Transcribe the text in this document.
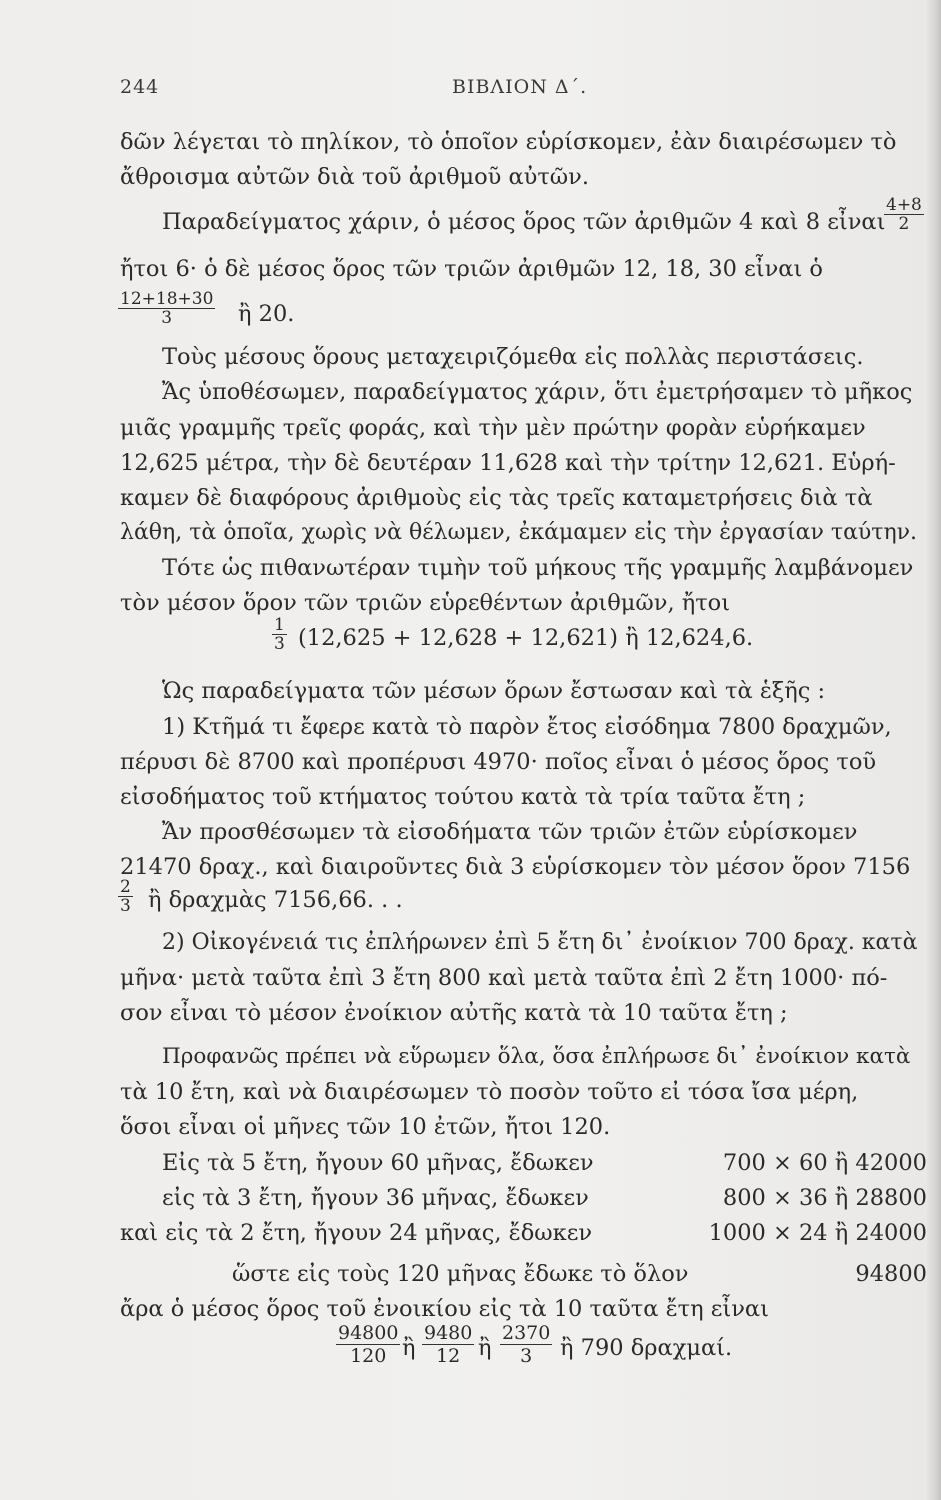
244	ΒΙΒΛΙΟΝ Δ΄.
δῶν λέγεται τὸ πηλίκον, τὸ ὁποῖον εὑρίσκομεν, ἐὰν διαιρέσωμεν τὸ
ἄθροισμα αὐτῶν διὰ τοῦ ἀριθμοῦ αὐτῶν.
Παραδείγματος χάριν, ὁ μέσος ὅρος τῶν ἀριθμῶν 4 καὶ 8 εἶναι
$\frac{4+8}{2}$
ἤτοι 6· ὁ δὲ μέσος ὅρος τῶν τριῶν ἀριθμῶν 12, 18, 30 εἶναι ὁ
$\frac{12+18+30}{3}$ ἢ 20.
Τοὺς μέσους ὅρους μεταχειριζόμεθα εἰς πολλὰς περιστάσεις.
Ἄς ὑποθέσωμεν, παραδείγματος χάριν, ὅτι ἐμετρήσαμεν τὸ μῆκος
μιᾶς γραμμῆς τρεῖς φοράς, καὶ τὴν μὲν πρώτην φορὰν εὑρήκαμεν
12,625 μέτρα, τὴν δὲ δευτέραν 11,628 καὶ τὴν τρίτην 12,621. Εὑρή-
καμεν δὲ διαφόρους ἀριθμοὺς εἰς τὰς τρεῖς καταμετρήσεις διὰ τὰ
λάθη, τὰ ὁποῖα, χωρὶς νὰ θέλωμεν, ἐκάμαμεν εἰς τὴν ἐργασίαν ταύτην.
Τότε ὡς πιθανωτέραν τιμὴν τοῦ μήκους τῆς γραμμῆς λαμβάνομεν
τὸν μέσον ὅρον τῶν τριῶν εὑρεθέντων ἀριθμῶν, ἤτοι
$\frac{1}{3} (12,625 + 12,628 + 12,621)$ ἢ 12,624,6.
Ὡς παραδείγματα τῶν μέσων ὅρων ἔστωσαν καὶ τὰ ἑξῆς :
1) Κτῆμά τι ἔφερε κατὰ τὸ παρὸν ἔτος εἰσόδημα 7800 δραχμῶν,
πέρυσι δὲ 8700 καὶ προπέρυσι 4970· ποῖος εἶναι ὁ μέσος ὅρος τοῦ
εἰσοδήματος τοῦ κτήματος τούτου κατὰ τὰ τρία ταῦτα ἔτη ;
Ἄν προσθέσωμεν τὰ εἰσοδήματα τῶν τριῶν ἐτῶν εὑρίσκομεν
21470 δραχ., καὶ διαιροῦντες διὰ 3 εὑρίσκομεν τὸν μέσον ὅρον 7156
$\frac{2}{3}$ ἢ δραχμὰς 7156,66. . .
2) Οἰκογένειά τις ἐπλήρωνεν ἐπὶ 5 ἔτη δι᾽ ἐνοίκιον 700 δραχ. κατὰ
μῆνα· μετὰ ταῦτα ἐπὶ 3 ἔτη 800 καὶ μετὰ ταῦτα ἐπὶ 2 ἔτη 1000· πό-
σον εἶναι τὸ μέσον ἐνοίκιον αὐτῆς κατὰ τὰ 10 ταῦτα ἔτη ;
Προφανῶς πρέπει νὰ εὕρωμεν ὅλα, ὅσα ἐπλήρωσε δι᾽ ἐνοίκιον κατὰ
τὰ 10 ἔτη, καὶ νὰ διαιρέσωμεν τὸ ποσὸν τοῦτο εἰ τόσα ἴσα μέρη,
ὅσοι εἶναι οἱ μῆνες τῶν 10 ἐτῶν, ἤτοι 120.
Εἰς τὰ 5 ἔτη, ἤγουν 60 μῆνας, ἔδωκεν	700 × 60 ἢ 42000
εἰς τὰ 3 ἔτη, ἤγουν 36 μῆνας, ἔδωκεν	800 × 36 ἢ 28800
καὶ εἰς τὰ 2 ἔτη, ἤγουν 24 μῆνας, ἔδωκεν	1000 × 24 ἢ 24000
ὥστε εἰς τοὺς 120 μῆνας ἔδωκε τὸ ὅλον	94800
ἄρα ὁ μέσος ὅρος τοῦ ἐνοικίου εἰς τὰ 10 ταῦτα ἔτη εἶναι
$\frac{94800}{120}$ ἢ $\frac{9480}{12}$ ἢ $\frac{2370}{3}$ ἢ 790 δραχμαί.
